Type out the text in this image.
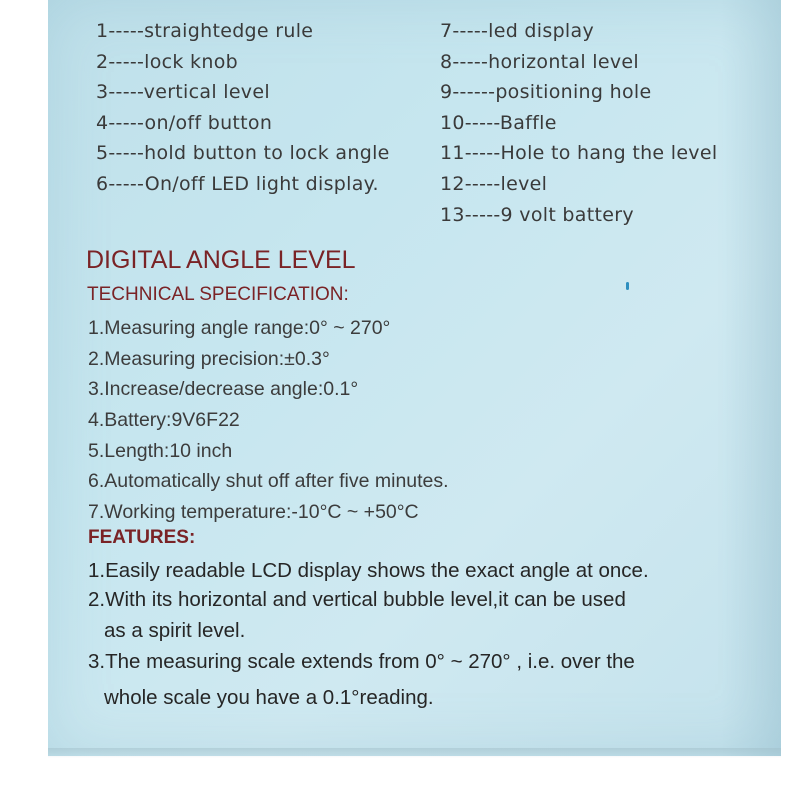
1-----straightedge rule
2-----lock knob
3-----vertical level
4-----on/off button
5-----hold button to lock angle
6-----On/off LED light display.
7-----led display
8-----horizontal level
9------positioning hole
10-----Baffle
11-----Hole to hang the level
12-----level
13-----9 volt battery
DIGITAL ANGLE LEVEL
TECHNICAL SPECIFICATION:
1.Measuring angle range:0° ~ 270°
2.Measuring precision:±0.3°
3.Increase/decrease angle:0.1°
4.Battery:9V6F22
5.Length:10 inch
6.Automatically shut off after five minutes.
7.Working temperature:-10°C ~ +50°C
FEATURES:
1.Easily readable LCD display shows the exact angle at once.
2.With its horizontal and vertical bubble level,it can be used
as a spirit level.
3.The measuring scale extends from 0° ~ 270° , i.e. over the
whole scale you have a 0.1°reading.
